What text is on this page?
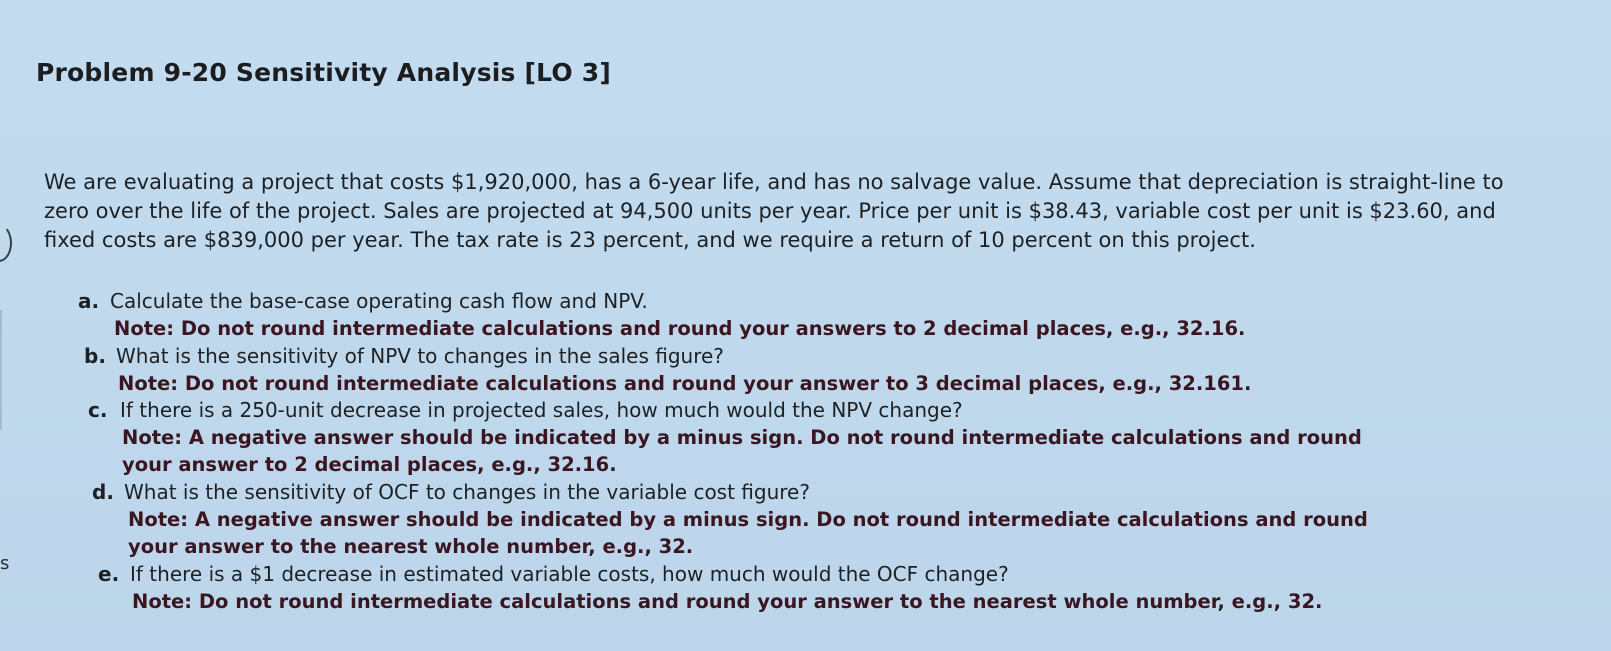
s
Problem 9-20 Sensitivity Analysis [LO 3]

We are evaluating a project that costs $1,920,000, has a 6-year life, and has no salvage value. Assume that depreciation is straight-line to zero over the life of the project. Sales are projected at 94,500 units per year. Price per unit is $38.43, variable cost per unit is $23.60, and fixed costs are $839,000 per year. The tax rate is 23 percent, and we require a return of 10 percent on this project.

a. Calculate the base-case operating cash flow and NPV.

Note: Do not round intermediate calculations and round your answers to 2 decimal places, e.g., 32.16.

b. What is the sensitivity of NPV to changes in the sales figure?

Note: Do not round intermediate calculations and round your answer to 3 decimal places, e.g., 32.161.

c. If there is a 250-unit decrease in projected sales, how much would the NPV change?

Note: A negative answer should be indicated by a minus sign. Do not round intermediate calculations and round your answer to 2 decimal places, e.g., 32.16.

d. What is the sensitivity of OCF to changes in the variable cost figure?

Note: A negative answer should be indicated by a minus sign. Do not round intermediate calculations and round your answer to the nearest whole number, e.g., 32.

e. If there is a $1 decrease in estimated variable costs, how much would the OCF change?

Note: Do not round intermediate calculations and round your answer to the nearest whole number, e.g., 32.
